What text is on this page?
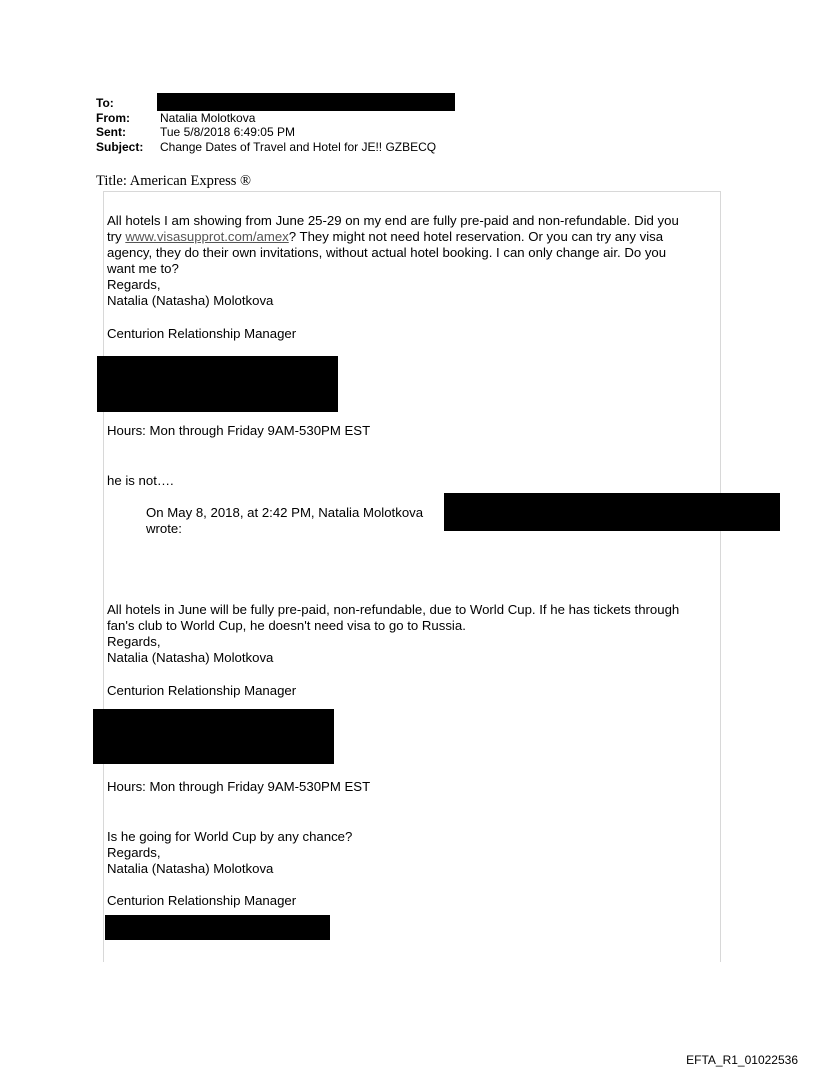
To:
From:	Natalia Molotkova
Sent:	Tue 5/8/2018 6:49:05 PM
Subject: Change Dates of Travel and Hotel for JE!! GZBECQ
Title: American Express ®
All hotels I am showing from June 25-29 on my end are fully pre-paid and non-refundable. Did you
try www.visasupprot.com/amex? They might not need hotel reservation. Or you can try any visa
agency, they do their own invitations, without actual hotel booking. I can only change air. Do you
want me to?
Regards,
Natalia (Natasha) Molotkova
Centurion Relationship Manager
Hours: Mon through Friday 9AM-530PM EST
he is not….
On May 8, 2018, at 2:42 PM, Natalia Molotkova
wrote:
All hotels in June will be fully pre-paid, non-refundable, due to World Cup. If he has tickets through
fan's club to World Cup, he doesn't need visa to go to Russia.
Regards,
Natalia (Natasha) Molotkova
Centurion Relationship Manager
Hours: Mon through Friday 9AM-530PM EST
Is he going for World Cup by any chance?
Regards,
Natalia (Natasha) Molotkova
Centurion Relationship Manager
EFTA_R1_01022536
